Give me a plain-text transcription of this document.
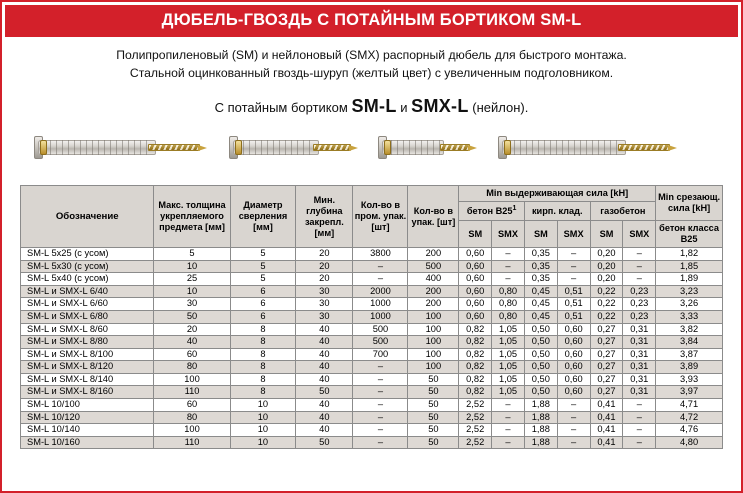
ДЮБЕЛЬ-ГВОЗДЬ С ПОТАЙНЫМ БОРТИКОМ SM-L
Полипропиленовый (SM) и нейлоновый (SMX) распорный дюбель для быстрого монтажа.
Стальной оцинкованный гвоздь-шуруп (желтый цвет) с увеличенным подголовником.
С потайным бортиком SM-L и SMX-L (нейлон).
Обозначение	Макс. толщина укрепляемого предмета [мм]	Диаметр сверления [мм]	Мин. глубина закрепл. [мм]	Кол-во в пром. упак. [шт]	Кол-во в упак. [шт]	Min выдерживающая сила [kH]						Min срезающ. сила [kH]
						бетон $В25^1$		кирп. клад.		газобетон		
						SM	SMX	SM	SMX	SM	SMX	бетон класса В25
SM-L 5x25 (с усом)	5	5	20	3800	200	0,60	–	0,35	–	0,20	–	1,82
SM-L 5x30 (с усом)	10	5	20	–	500	0,60	–	0,35	–	0,20	–	1,85
SM-L 5x40 (с усом)	25	5	20	–	400	0,60	–	0,35	–	0,20	–	1,89
SM-L и SMX-L 6/40	10	6	30	2000	200	0,60	0,80	0,45	0,51	0,22	0,23	3,23
SM-L и SMX-L 6/60	30	6	30	1000	200	0,60	0,80	0,45	0,51	0,22	0,23	3,26
SM-L и SMX-L 6/80	50	6	30	1000	100	0,60	0,80	0,45	0,51	0,22	0,23	3,33
SM-L и SMX-L 8/60	20	8	40	500	100	0,82	1,05	0,50	0,60	0,27	0,31	3,82
SM-L и SMX-L 8/80	40	8	40	500	100	0,82	1,05	0,50	0,60	0,27	0,31	3,84
SM-L и SMX-L 8/100	60	8	40	700	100	0,82	1,05	0,50	0,60	0,27	0,31	3,87
SM-L и SMX-L 8/120	80	8	40	–	100	0,82	1,05	0,50	0,60	0,27	0,31	3,89
SM-L и SMX-L 8/140	100	8	40	–	50	0,82	1,05	0,50	0,60	0,27	0,31	3,93
SM-L и SMX-L 8/160	110	8	50	–	50	0,82	1,05	0,50	0,60	0,27	0,31	3,97
SM-L 10/100	60	10	40	–	50	2,52	–	1,88	–	0,41	–	4,71
SM-L 10/120	80	10	40	–	50	2,52	–	1,88	–	0,41	–	4,72
SM-L 10/140	100	10	40	–	50	2,52	–	1,88	–	0,41	–	4,76
SM-L 10/160	110	10	50	–	50	2,52	–	1,88	–	0,41	–	4,80
